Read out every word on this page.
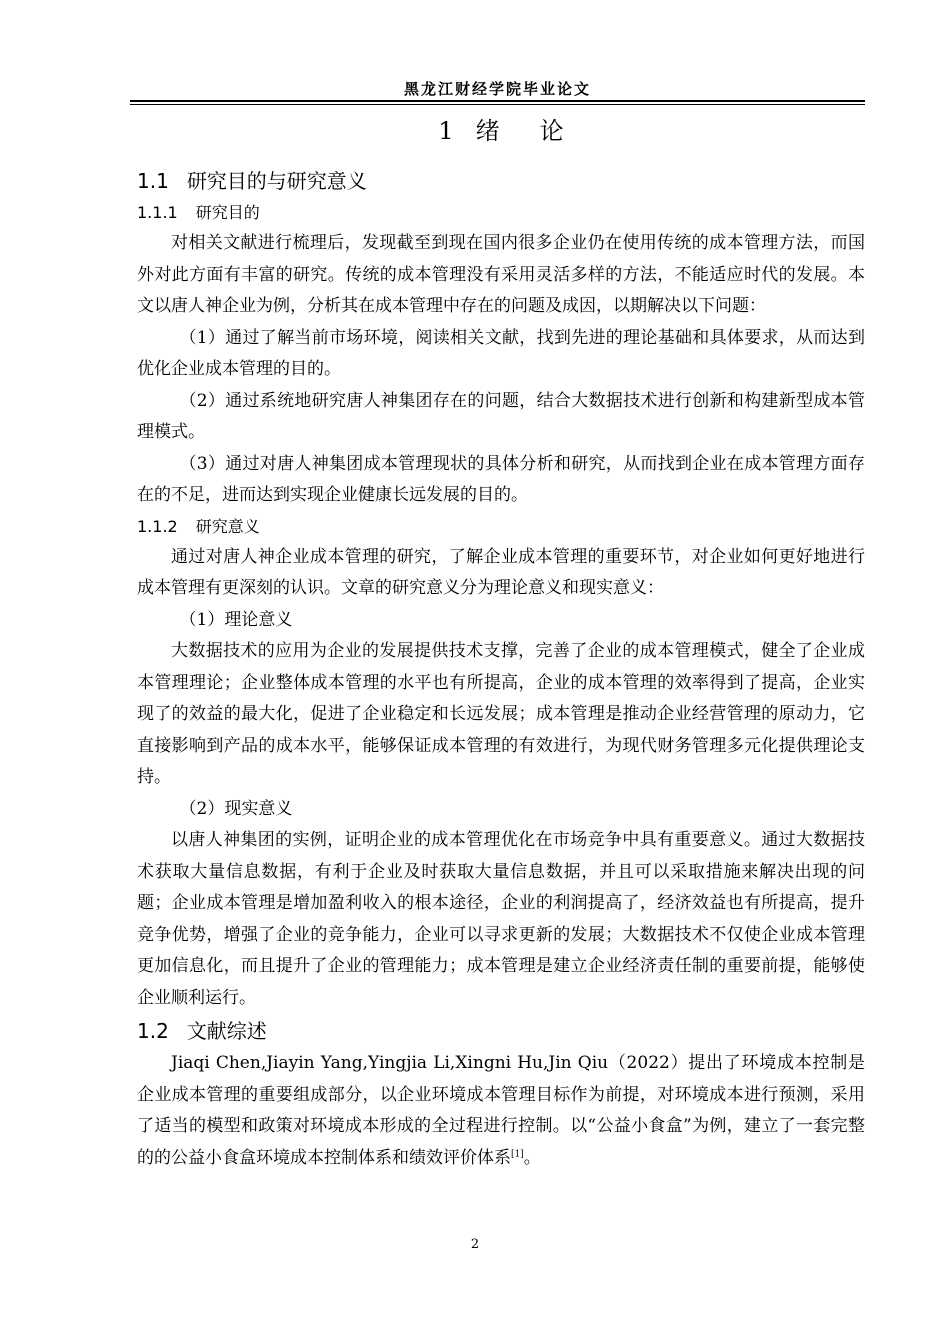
黑龙江财经学院毕业论文
1 绪 论
1.1 研究目的与研究意义
1.1.1 研究目的

对相关文献进行梳理后，发现截至到现在国内很多企业仍在使用传统的成本管理方法，而国外对此方面有丰富的研究。传统的成本管理没有采用灵活多样的方法，不能适应时代的发展。本文以唐人神企业为例，分析其在成本管理中存在的问题及成因，以期解决以下问题：

（1）通过了解当前市场环境，阅读相关文献，找到先进的理论基础和具体要求，从而达到优化企业成本管理的目的。

（2）通过系统地研究唐人神集团存在的问题，结合大数据技术进行创新和构建新型成本管理模式。

（3）通过对唐人神集团成本管理现状的具体分析和研究，从而找到企业在成本管理方面存在的不足，进而达到实现企业健康长远发展的目的。

1.1.2 研究意义

通过对唐人神企业成本管理的研究，了解企业成本管理的重要环节，对企业如何更好地进行成本管理有更深刻的认识。文章的研究意义分为理论意义和现实意义：

（1）理论意义

大数据技术的应用为企业的发展提供技术支撑，完善了企业的成本管理模式，健全了企业成本管理理论；企业整体成本管理的水平也有所提高，企业的成本管理的效率得到了提高，企业实现了的效益的最大化，促进了企业稳定和长远发展；成本管理是推动企业经营管理的原动力，它直接影响到产品的成本水平，能够保证成本管理的有效进行，为现代财务管理多元化提供理论支持。

（2）现实意义

以唐人神集团的实例，证明企业的成本管理优化在市场竞争中具有重要意义。通过大数据技术获取大量信息数据，有利于企业及时获取大量信息数据，并且可以采取措施来解决出现的问题；企业成本管理是增加盈利收入的根本途径，企业的利润提高了，经济效益也有所提高，提升竞争优势，增强了企业的竞争能力，企业可以寻求更新的发展；大数据技术不仅使企业成本管理更加信息化，而且提升了企业的管理能力；成本管理是建立企业经济责任制的重要前提，能够使企业顺利运行。

1.2 文献综述

Jiaqi Chen,Jiayin Yang,Yingjia Li,Xingni Hu,Jin Qiu（2022）提出了环境成本控制是企业成本管理的重要组成部分，以企业环境成本管理目标作为前提，对环境成本进行预测，采用了适当的模型和政策对环境成本形成的全过程进行控制。以“公益小食盒”为例，建立了一套完整的的公益小食盒环境成本控制体系和绩效评价体系[1]。

2
